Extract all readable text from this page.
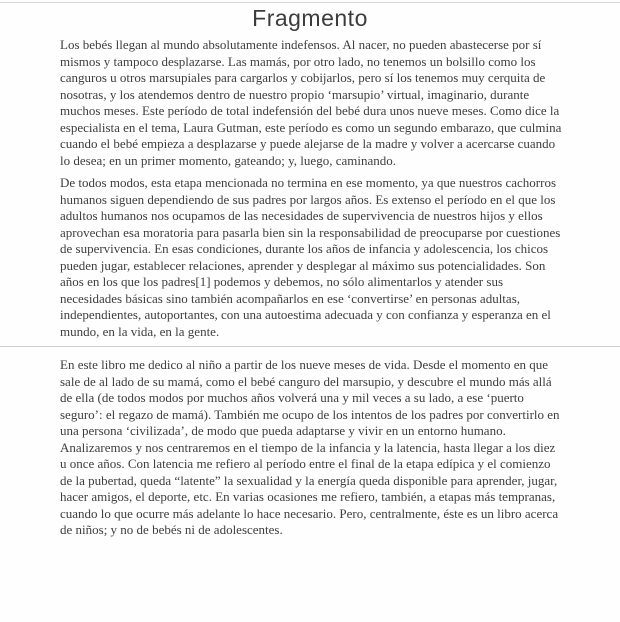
Fragmento

Los bebés llegan al mundo absolutamente indefensos. Al nacer, no pueden abastecerse por sí mismos y tampoco desplazarse. Las mamás, por otro lado, no tenemos un bolsillo como los canguros u otros marsupiales para cargarlos y cobijarlos, pero sí los tenemos muy cerquita de nosotras, y los atendemos dentro de nuestro propio ‘marsupio’ virtual, imaginario, durante muchos meses. Este período de total indefensión del bebé dura unos nueve meses. Como dice la especialista en el tema, Laura Gutman, este período es como un segundo embarazo, que culmina cuando el bebé empieza a desplazarse y puede alejarse de la madre y volver a acercarse cuando lo desea; en un primer momento, gateando; y, luego, caminando.

De todos modos, esta etapa mencionada no termina en ese momento, ya que nuestros cachorros humanos siguen dependiendo de sus padres por largos años. Es extenso el período en el que los adultos humanos nos ocupamos de las necesidades de supervivencia de nuestros hijos y ellos aprovechan esa moratoria para pasarla bien sin la responsabilidad de preocuparse por cuestiones de supervivencia. En esas condiciones, durante los años de infancia y adolescencia, los chicos pueden jugar, establecer relaciones, aprender y desplegar al máximo sus potencialidades. Son años en los que los padres[1] podemos y debemos, no sólo alimentarlos y atender sus necesidades básicas sino también acompañarlos en ese ‘convertirse’ en personas adultas, independientes, autoportantes, con una autoestima adecuada y con confianza y esperanza en el mundo, en la vida, en la gente.

En este libro me dedico al niño a partir de los nueve meses de vida. Desde el momento en que sale de al lado de su mamá, como el bebé canguro del marsupio, y descubre el mundo más allá de ella (de todos modos por muchos años volverá una y mil veces a su lado, a ese ‘puerto seguro’: el regazo de mamá). También me ocupo de los intentos de los padres por convertirlo en una persona ‘civilizada’, de modo que pueda adaptarse y vivir en un entorno humano. Analizaremos y nos centraremos en el tiempo de la infancia y la latencia, hasta llegar a los diez u once años. Con latencia me refiero al período entre el final de la etapa edípica y el comienzo de la pubertad, queda “latente” la sexualidad y la energía queda disponible para aprender, jugar, hacer amigos, el deporte, etc. En varias ocasiones me refiero, también, a etapas más tempranas, cuando lo que ocurre más adelante lo hace necesario. Pero, centralmente, éste es un libro acerca de niños; y no de bebés ni de adolescentes.
